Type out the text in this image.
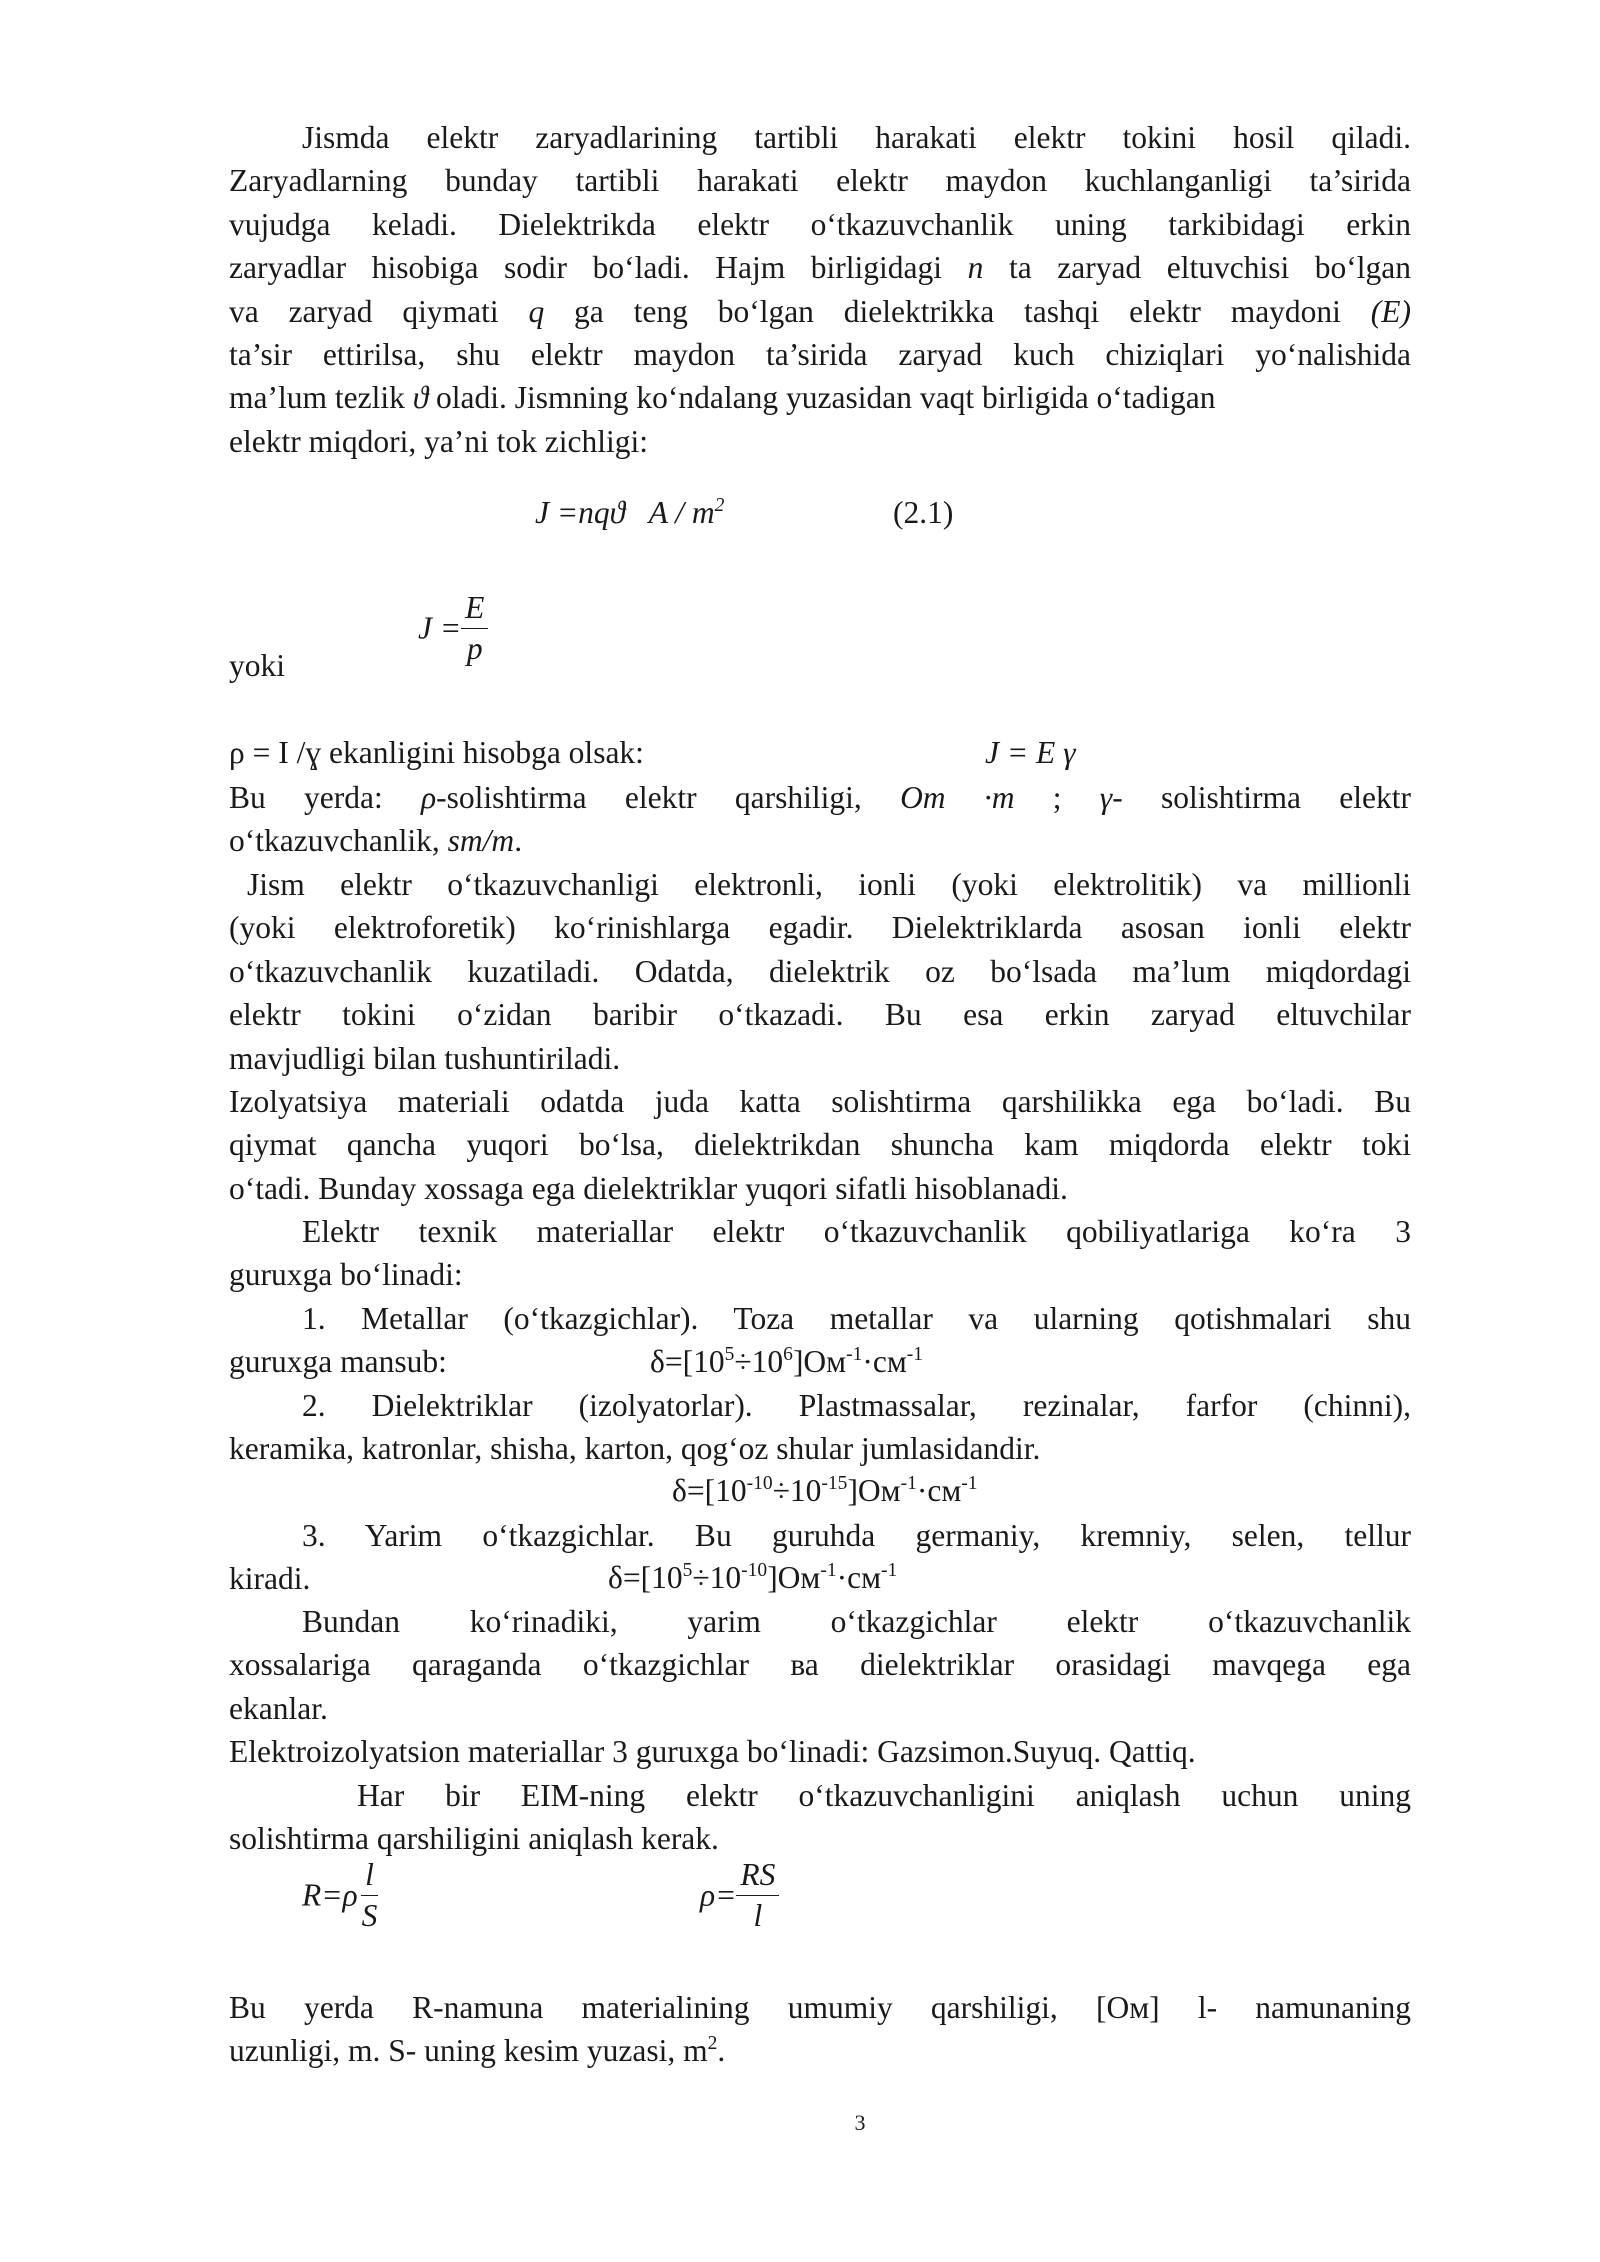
Jismda elektr zaryadlarining tartibli harakati elektr tokini hosil qiladi.
Zaryadlarning bunday tartibli harakati elektr maydon kuchlanganligi ta’sirida
vujudga keladi. Dielektrikda elektr o‘tkazuvchanlik uning tarkibidagi erkin
zaryadlar hisobiga sodir bo‘ladi. Hajm birligidagi n ta zaryad eltuvchisi bo‘lgan
va zaryad qiymati q ga teng bo‘lgan dielektrikka tashqi elektr maydoni (E)
ta’sir ettirilsa, shu elektr maydon ta’sirida zaryad kuch chiziqlari yo‘nalishida
ma’lum tezlik ϑ oladi. Jismning ko‘ndalang yuzasidan vaqt birligida o‘tadigan
elektr miqdori, ya’ni tok zichligi:
J =nqϑ A / $m^2$	(2.1)
yoki
$J = \frac{E}{p}$
ρ = I /ɣ ekanligini hisobga olsak:	J = E γ
Bu yerda: ρ-solishtirma elektr qarshiligi, Om ·m ; γ- solishtirma elektr
o‘tkazuvchanlik, sm/m.
Jism elektr o‘tkazuvchanligi elektronli, ionli (yoki elektrolitik) va millionli
(yoki elektroforetik) ko‘rinishlarga egadir. Dielektriklarda asosan ionli elektr
o‘tkazuvchanlik kuzatiladi. Odatda, dielektrik oz bo‘lsada ma’lum miqdordagi
elektr tokini o‘zidan baribir o‘tkazadi. Bu esa erkin zaryad eltuvchilar
mavjudligi bilan tushuntiriladi.
Izolyatsiya materiali odatda juda katta solishtirma qarshilikka ega bo‘ladi. Bu
qiymat qancha yuqori bo‘lsa, dielektrikdan shuncha kam miqdorda elektr toki
o‘tadi. Bunday xossaga ega dielektriklar yuqori sifatli hisoblanadi.
Elektr texnik materiallar elektr o‘tkazuvchanlik qobiliyatlariga ko‘ra 3
guruxga bo‘linadi:
1. Metallar (o‘tkazgichlar). Toza metallar va ularning qotishmalari shu
guruxga mansub:	$\delta=[10^5\div 10^6]Ом^{-1}\cdot см^{-1}$
2. Dielektriklar (izolyatorlar). Plastmassalar, rezinalar, farfor (chinni),
keramika, katronlar, shisha, karton, qog‘oz shular jumlasidandir.
$\delta=[10^{-10}\div 10^{-15}]Ом^{-1}\cdot см^{-1}$
3. Yarim o‘tkazgichlar. Bu guruhda germaniy, kremniy, selen, tellur
kiradi.	$\delta=[10^5\div 10^{-10}]Ом^{-1}\cdot см^{-1}$
Bundan ko‘rinadiki, yarim o‘tkazgichlar elektr o‘tkazuvchanlik
xossalariga qaraganda o‘tkazgichlar ва dielektriklar orasidagi mavqega ega
ekanlar.
Elektroizolyatsion materiallar 3 guruxga bo‘linadi: Gazsimon.Suyuq. Qattiq.
Har bir EIM-ning elektr o‘tkazuvchanligini aniqlash uchun uning
solishtirma qarshiligini aniqlash kerak.
$R=\rho \frac{l}{S}$	$\rho= \frac{RS}{l}$
Bu yerda R-namuna materialining umumiy qarshiligi, [Ом] l- namunaning
uzunligi, m. S- uning kesim yuzasi, $m^2$.
3
